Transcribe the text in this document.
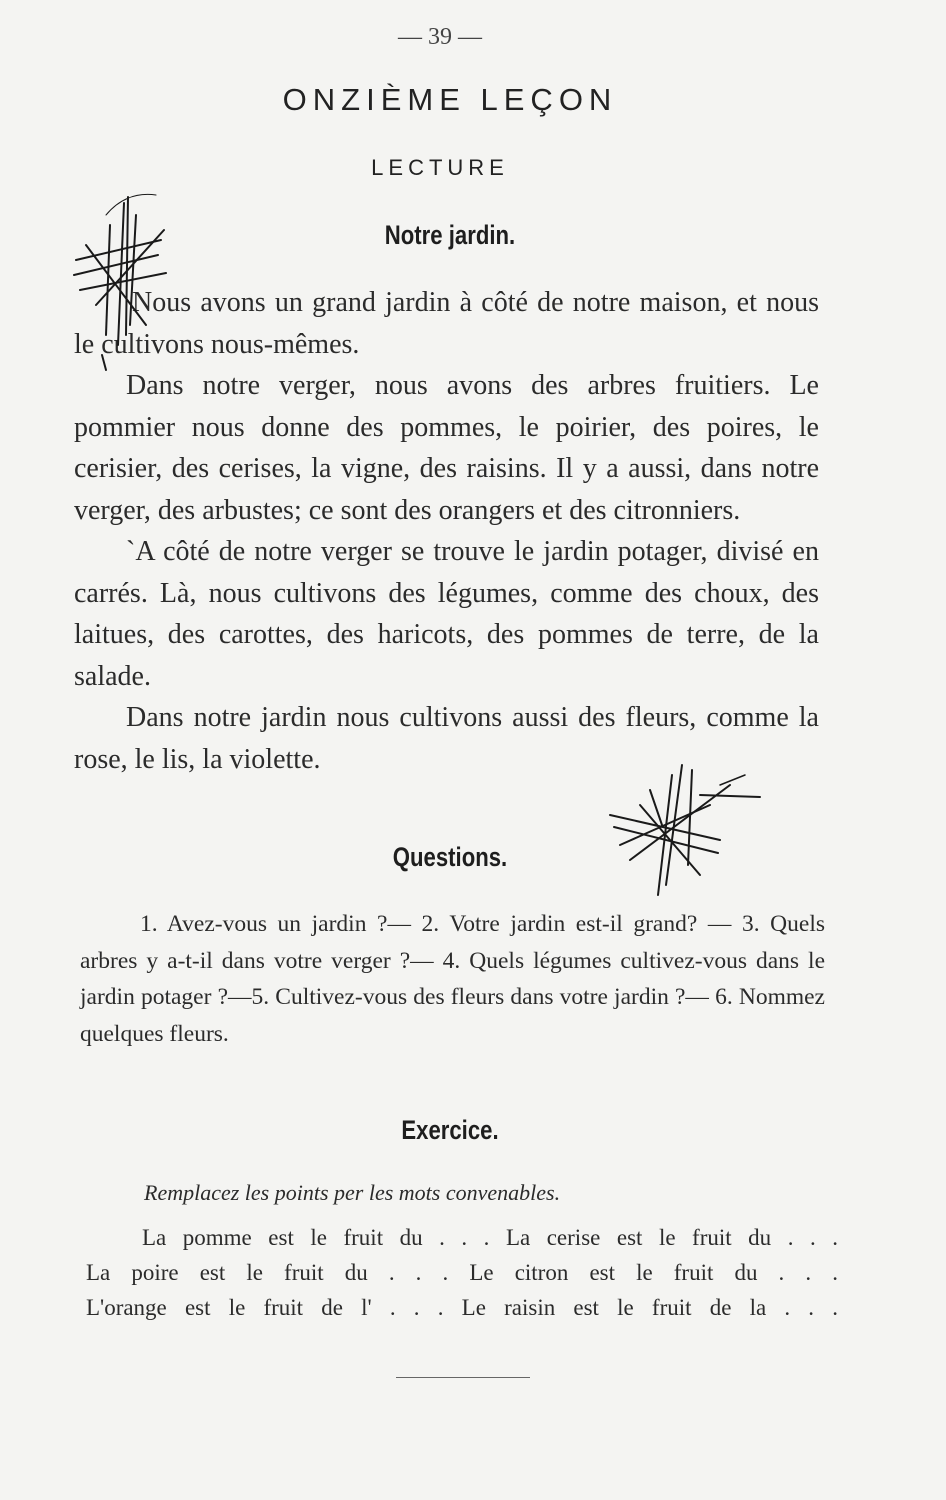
— 39 —
ONZIÈME LEÇON
LECTURE
Notre jardin.

Nous avons un grand jardin à côté de notre maison, et nous le cultivons nous-mêmes.

Dans notre verger, nous avons des arbres fruitiers. Le pommier nous donne des pommes, le poirier, des poires, le cerisier, des cerises, la vigne, des raisins. Il y a aussi, dans notre verger, des arbustes; ce sont des orangers et des citronniers.

`A côté de notre verger se trouve le jardin potager, divisé en carrés. Là, nous cultivons des légumes, comme des choux, des laitues, des carottes, des haricots, des pommes de terre, de la salade.

Dans notre jardin nous cultivons aussi des fleurs, comme la rose, le lis, la violette.

Questions.

1. Avez-vous un jardin ?— 2. Votre jardin est-il grand? — 3. Quels arbres y a-t-il dans votre verger ?— 4. Quels légumes cultivez-vous dans le jardin potager ?—5. Cultivez-vous des fleurs dans votre jardin ?— 6. Nommez quelques fleurs.

Exercice.
Remplacez les points per les mots convenables.
La pomme est le fruit du . . . La cerise est le fruit du . . .
La poire est le fruit du . . . Le citron est le fruit du . . .
L'orange est le fruit de l' . . . Le raisin est le fruit de la . . .
